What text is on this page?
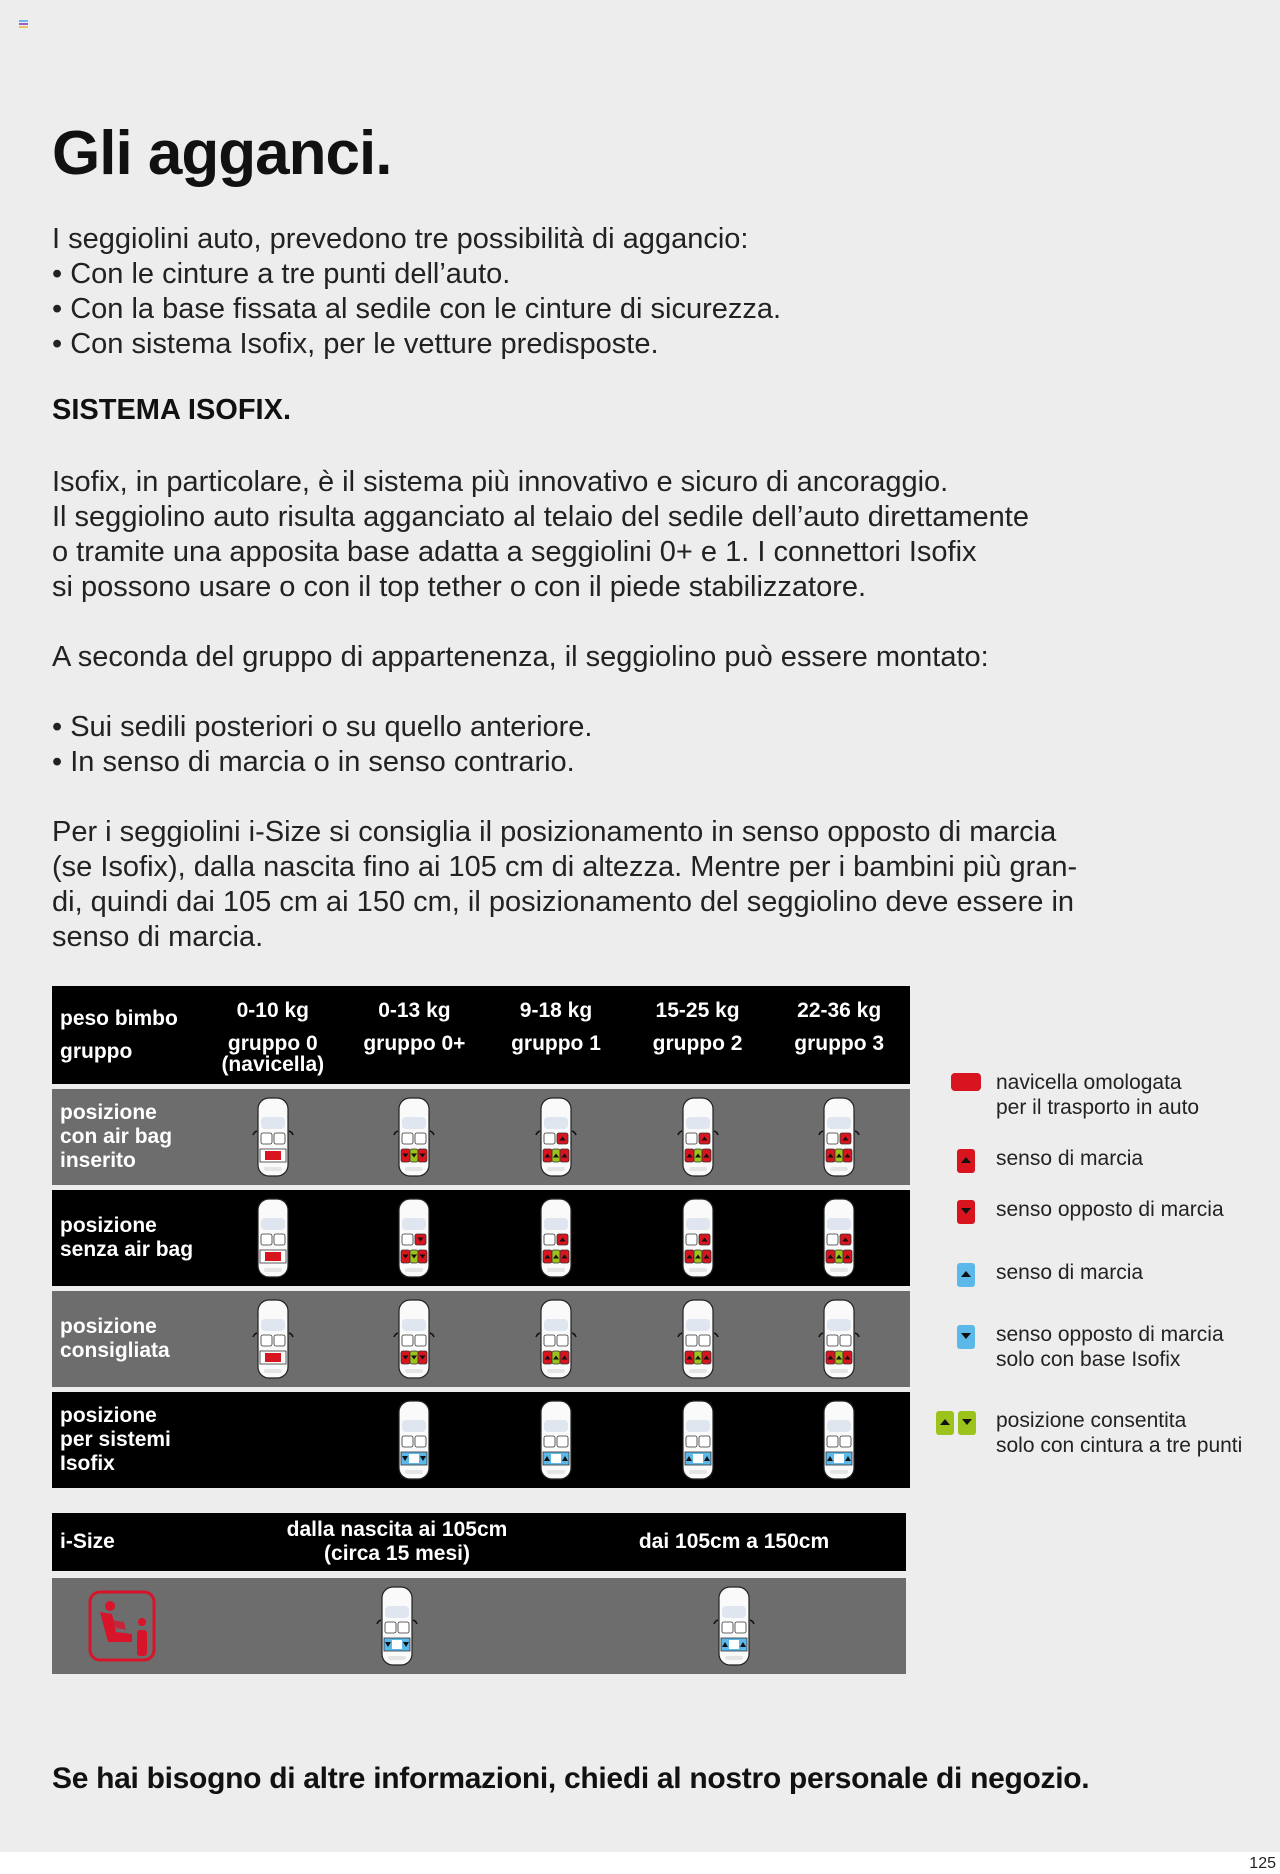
Gli agganci.
I seggiolini auto, prevedono tre possibilità di aggancio:
• Con le cinture a tre punti dell’auto.
• Con la base fissata al sedile con le cinture di sicurezza.
• Con sistema Isofix, per le vetture predisposte.
SISTEMA ISOFIX.
Isofix, in particolare, è il sistema più innovativo e sicuro di ancoraggio.
Il seggiolino auto risulta agganciato al telaio del sedile dell’auto direttamente
o tramite una apposita base adatta a seggiolini 0+ e 1. I connettori Isofix
si possono usare o con il top tether o con il piede stabilizzatore.
A seconda del gruppo di appartenenza, il seggiolino può essere montato:
• Sui sedili posteriori o su quello anteriore.
• In senso di marcia o in senso contrario.
Per i seggiolini i-Size si consiglia il posizionamento in senso opposto di marcia
(se Isofix), dalla nascita fino ai 105 cm di altezza. Mentre per i bambini più gran-
di, quindi dai 105 cm ai 150 cm, il posizionamento del seggiolino deve essere in
senso di marcia.
peso bimbo
gruppo
0-10 kg
gruppo 0
(navicella)
0-13 kg
gruppo 0+
9-18 kg
gruppo 1
15-25 kg
gruppo 2
22-36 kg
gruppo 3
posizione
con air bag
inserito
posizione
senza air bag
posizione
consigliata
posizione
per sistemi
Isofix
i-Size
dalla nascita ai 105cm
(circa 15 mesi)
dai 105cm a 150cm
navicella omologata
per il trasporto in auto
senso di marcia
senso opposto di marcia
senso di marcia
senso opposto di marcia
solo con base Isofix
posizione consentita
solo con cintura a tre punti
Se hai bisogno di altre informazioni, chiedi al nostro personale di negozio.
125
